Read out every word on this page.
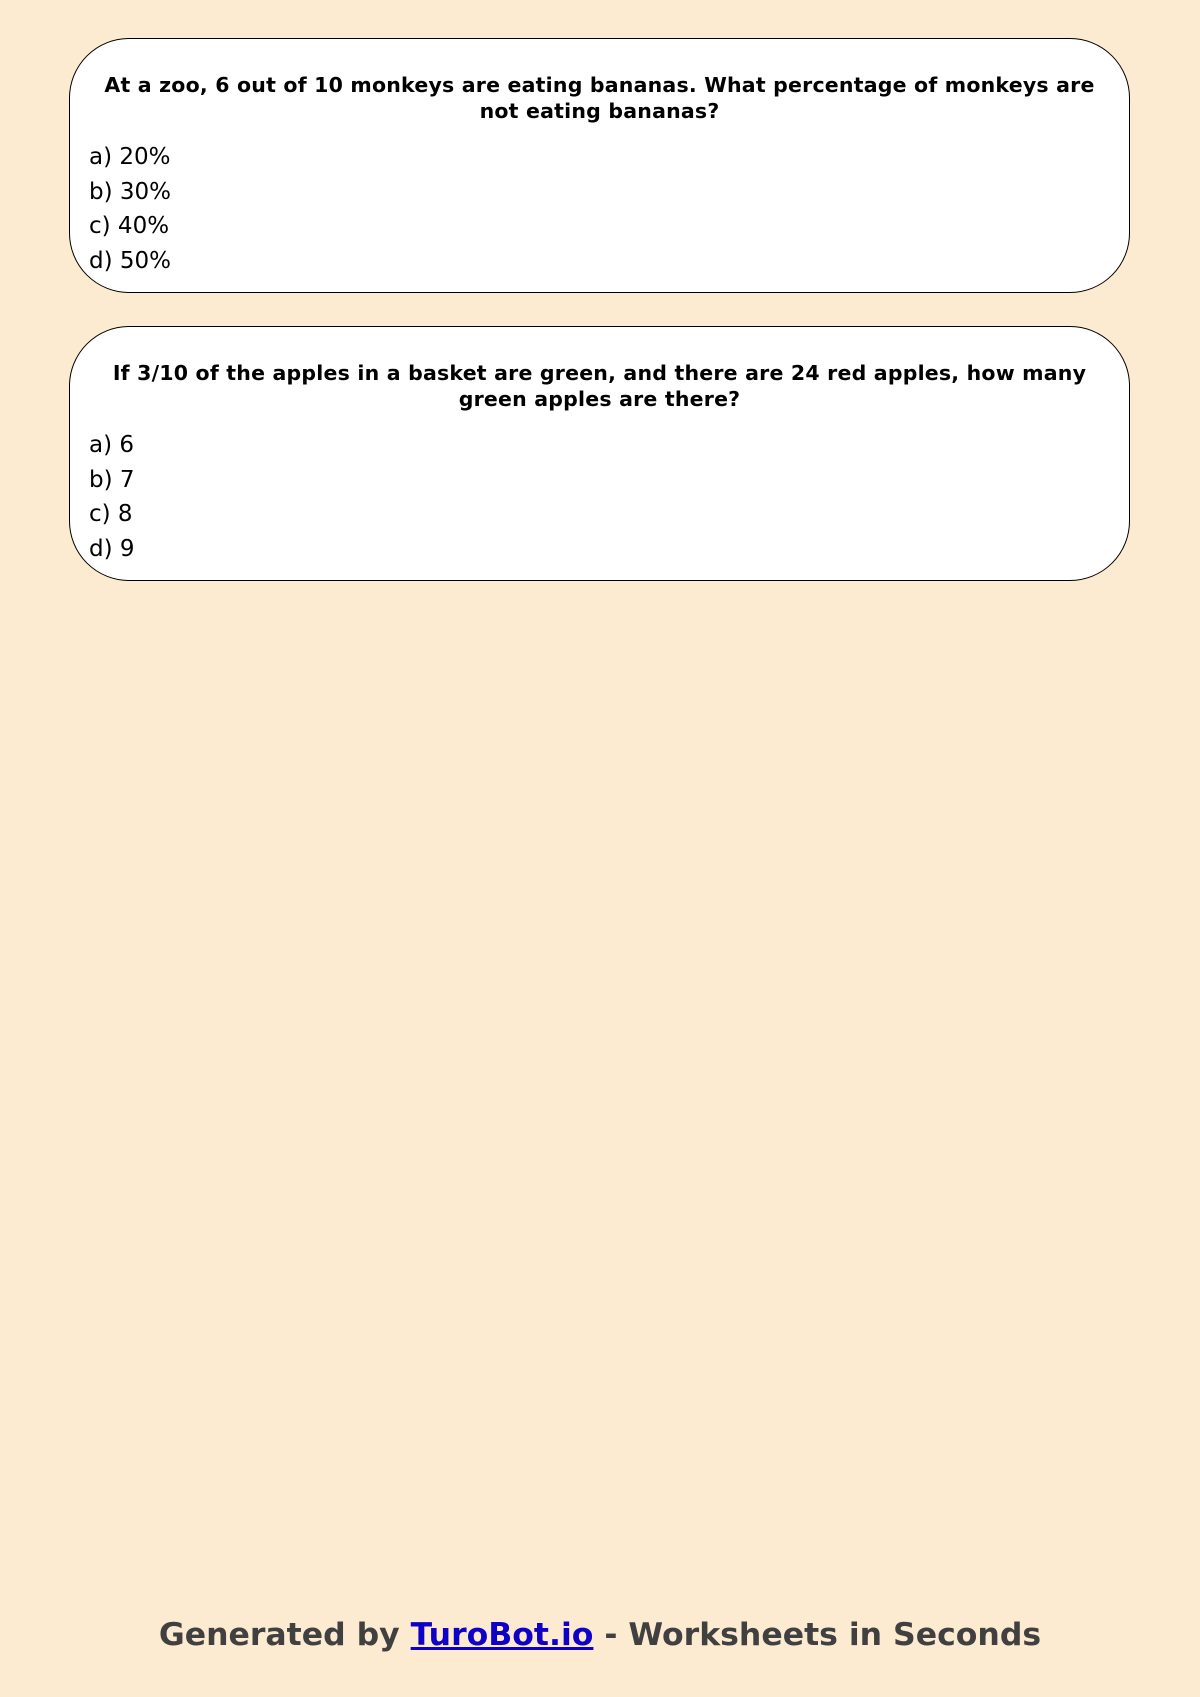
At a zoo, 6 out of 10 monkeys are eating bananas. What percentage of monkeys are not eating bananas?

a) 20%
b) 30%
c) 40%
d) 50%

If 3/10 of the apples in a basket are green, and there are 24 red apples, how many green apples are there?

a) 6
b) 7
c) 8
d) 9
Generated by TuroBot.io - Worksheets in Seconds
